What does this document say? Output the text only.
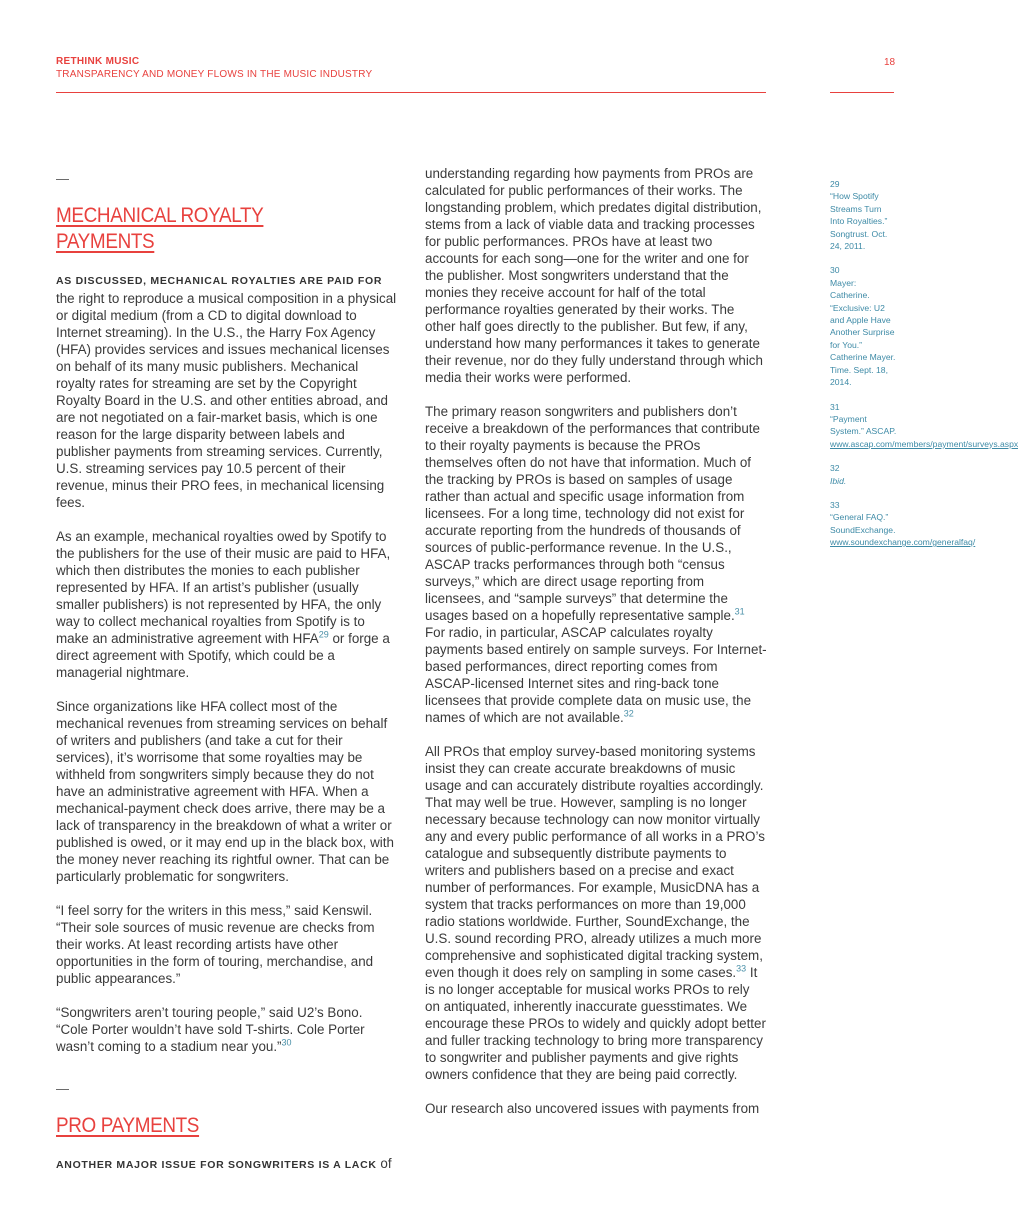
RETHINK MUSIC
TRANSPARENCY AND MONEY FLOWS IN THE MUSIC INDUSTRY
18
—
MECHANICAL ROYALTY PAYMENTS

AS DISCUSSED, MECHANICAL ROYALTIES ARE PAID FOR the right to reproduce a musical composition in a physical or digital medium (from a CD to digital download to Internet streaming). In the U.S., the Harry Fox Agency (HFA) provides services and issues mechanical licenses on behalf of its many music publishers. Mechanical royalty rates for streaming are set by the Copyright Royalty Board in the U.S. and other entities abroad, and are not negotiated on a fair-market basis, which is one reason for the large disparity between labels and publisher payments from streaming services. Currently, U.S. streaming services pay 10.5 percent of their revenue, minus their PRO fees, in mechanical licensing fees.

As an example, mechanical royalties owed by Spotify to the publishers for the use of their music are paid to HFA, which then distributes the monies to each publisher represented by HFA. If an artist’s publisher (usually smaller publishers) is not represented by HFA, the only way to collect mechanical royalties from Spotify is to make an administrative agreement with HFA$^{29}$ or forge a direct agreement with Spotify, which could be a managerial nightmare.

Since organizations like HFA collect most of the mechanical revenues from streaming services on behalf of writers and publishers (and take a cut for their services), it’s worrisome that some royalties may be withheld from songwriters simply because they do not have an administrative agreement with HFA. When a mechanical-payment check does arrive, there may be a lack of transparency in the breakdown of what a writer or published is owed, or it may end up in the black box, with the money never reaching its rightful owner. That can be particularly problematic for songwriters.

“I feel sorry for the writers in this mess,” said Kenswil. “Their sole sources of music revenue are checks from their works. At least recording artists have other opportunities in the form of touring, merchandise, and public appearances.”

“Songwriters aren’t touring people,” said U2’s Bono. “Cole Porter wouldn’t have sold T-shirts. Cole Porter wasn’t coming to a stadium near you.”$^{30}$

—
PRO PAYMENTS

ANOTHER MAJOR ISSUE FOR SONGWRITERS IS A LACK of

understanding regarding how payments from PROs are calculated for public performances of their works. The longstanding problem, which predates digital distribution, stems from a lack of viable data and tracking processes for public performances. PROs have at least two accounts for each song—one for the writer and one for the publisher. Most songwriters understand that the monies they receive account for half of the total performance royalties generated by their works. The other half goes directly to the publisher. But few, if any, understand how many performances it takes to generate their revenue, nor do they fully understand through which media their works were performed.

The primary reason songwriters and publishers don’t receive a breakdown of the performances that contribute to their royalty payments is because the PROs themselves often do not have that information. Much of the tracking by PROs is based on samples of usage rather than actual and specific usage information from licensees. For a long time, technology did not exist for accurate reporting from the hundreds of thousands of sources of public-performance revenue. In the U.S., ASCAP tracks performances through both “census surveys,” which are direct usage reporting from licensees, and “sample surveys” that determine the usages based on a hopefully representative sample.$^{31}$ For radio, in particular, ASCAP calculates royalty payments based entirely on sample surveys. For Internet-based performances, direct reporting comes from ASCAP-licensed Internet sites and ring-back tone licensees that provide complete data on music use, the names of which are not available.$^{32}$

All PROs that employ survey-based monitoring systems insist they can create accurate breakdowns of music usage and can accurately distribute royalties accordingly. That may well be true. However, sampling is no longer necessary because technology can now monitor virtually any and every public performance of all works in a PRO’s catalogue and subsequently distribute payments to writers and publishers based on a precise and exact number of performances. For example, MusicDNA has a system that tracks performances on more than 19,000 radio stations worldwide. Further, SoundExchange, the U.S. sound recording PRO, already utilizes a much more comprehensive and sophisticated digital tracking system, even though it does rely on sampling in some cases.$^{33}$ It is no longer acceptable for musical works PROs to rely on antiquated, inherently inaccurate guesstimates. We encourage these PROs to widely and quickly adopt better and fuller tracking technology to bring more transparency to songwriter and publisher payments and give rights owners confidence that they are being paid correctly.

Our research also uncovered issues with payments from

29
“How Spotify Streams Turn Into Royalties.” Songtrust. Oct. 24, 2011.
30
Mayer: Catherine. “Exclusive: U2 and Apple Have Another Surprise for You.” Catherine Mayer. Time. Sept. 18, 2014.
31
“Payment System.” ASCAP.
www.ascap.com/members/payment/surveys.aspx
32
Ibid.
33
“General FAQ.” SoundExchange.
www.soundexchange.com/generalfaq/
